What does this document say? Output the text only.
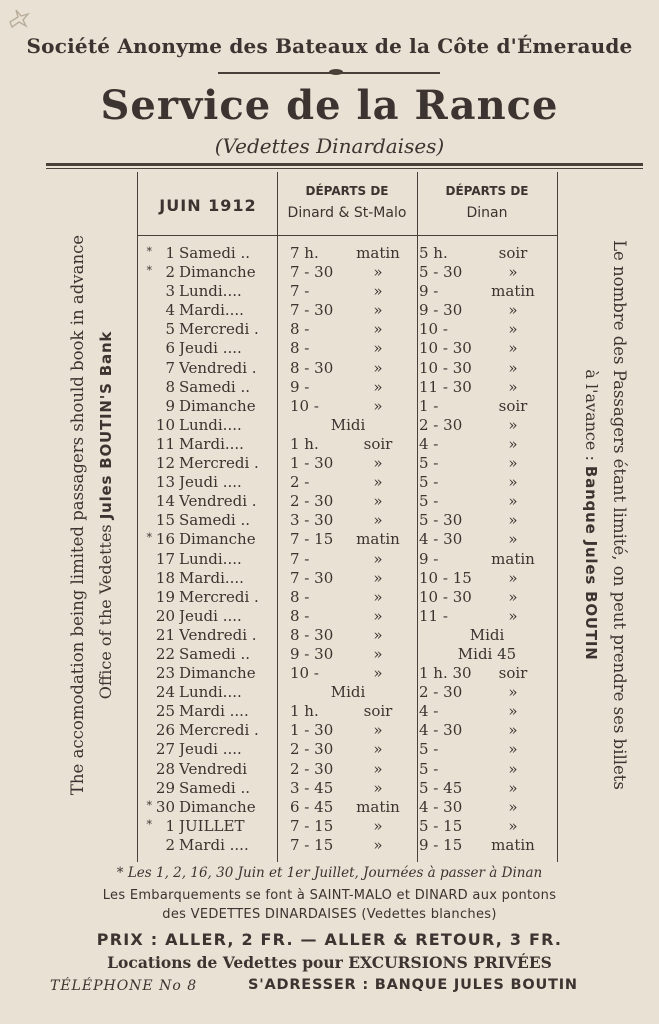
Société Anonyme des Bateaux de la Côte d'Émeraude
Service de la Rance
(Vedettes Dinardaises)
The accomodation being limited passagers should book in advance Office of the Vedettes Jules BOUTIN'S Bank	Le nombre des Passagers étant limité, on peut prendre ses billets
à l'avance : Banque Jules BOUTIN
JUIN 1912
DÉPARTS DE
Dinard & St-Malo
DÉPARTS DE
Dinan
* 1 Samedi ..	7 h.	matin	5 h.	soir
* 2 Dimanche	7 - 30	»	5 - 30	»
3 Lundi....	7 -	»	9 -	matin
4 Mardi....	7 - 30	»	9 - 30	»
5 Mercredi .	8 -	»	10 -	»
6 Jeudi ....	8 -	»	10 - 30	»
7 Vendredi .	8 - 30	»	10 - 30	»
8 Samedi ..	9 -	»	11 - 30	»
9 Dimanche	10 -	»	1 -	soir
10 Lundi....	Midi	2 - 30	»
11 Mardi....	1 h.	soir	4 -	»
12 Mercredi .	1 - 30	»	5 -	»
13 Jeudi ....	2 -	»	5 -	»
14 Vendredi .	2 - 30	»	5 -	»
15 Samedi ..	3 - 30	»	5 - 30	»
* 16 Dimanche	7 - 15	matin	4 - 30	»
17 Lundi....	7 -	»	9 -	matin
18 Mardi....	7 - 30	»	10 - 15	»
19 Mercredi .	8 -	»	10 - 30	»
20 Jeudi ....	8 -	»	11 -	»
21 Vendredi .	8 - 30	»	Midi
22 Samedi ..	9 - 30	»	Midi 45
23 Dimanche	10 -	»	1 h. 30	soir
24 Lundi....	Midi	2 - 30	»
25 Mardi ....	1 h.	soir	4 -	»
26 Mercredi .	1 - 30	»	4 - 30	»
27 Jeudi ....	2 - 30	»	5 -	»
28 Vendredi	2 - 30	»	5 -	»
29 Samedi ..	3 - 45	»	5 - 45	»
* 30 Dimanche	6 - 45	matin	4 - 30	»
* 1 JUILLET	7 - 15	»	5 - 15	»
2 Mardi ....	7 - 15	»	9 - 15	matin
* Les 1, 2, 16, 30 Juin et 1er Juillet, Journées à passer à Dinan
Les Embarquements se font à SAINT-MALO et DINARD aux pontons
des VEDETTES DINARDAISES (Vedettes blanches)
PRIX : ALLER, 2 FR. — ALLER & RETOUR, 3 FR.
Locations de Vedettes pour EXCURSIONS PRIVÉES
TÉLÉPHONE No 8	S'ADRESSER : BANQUE JULES BOUTIN
